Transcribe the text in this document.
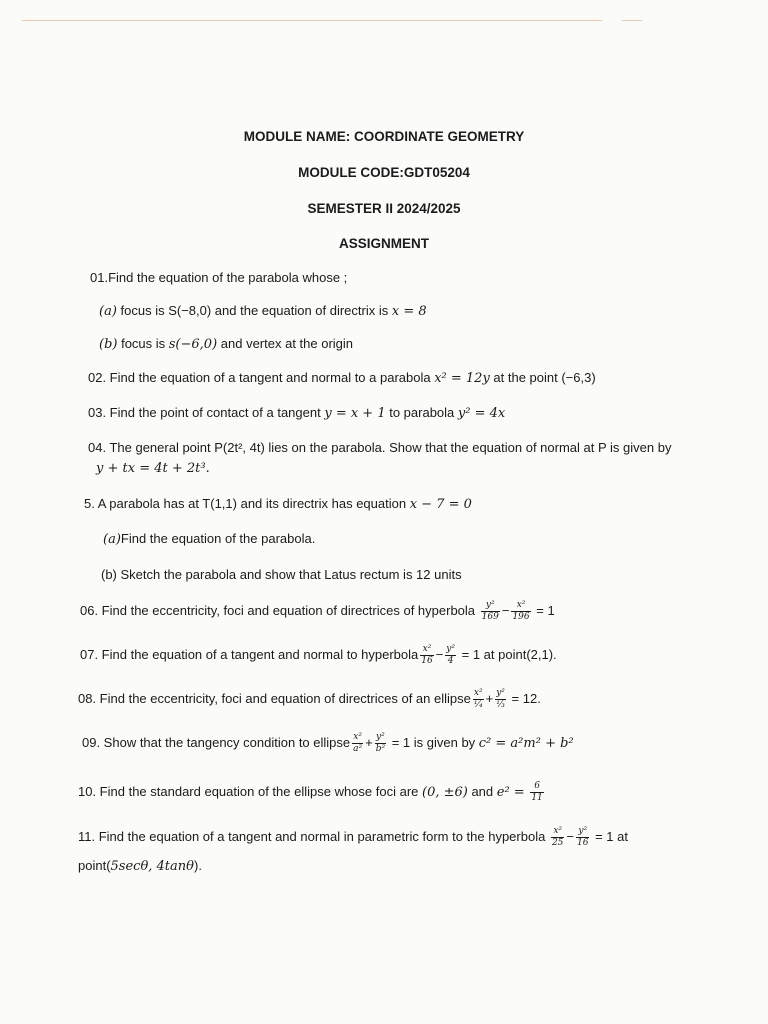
MODULE NAME: COORDINATE GEOMETRY
MODULE CODE:GDT05204
SEMESTER II 2024/2025
ASSIGNMENT
01.Find the equation of the parabola whose ;
(a) focus is S(−8,0) and the equation of directrix is x = 8
(b) focus is s(−6,0) and vertex at the origin
02. Find the equation of a tangent and normal to a parabola x² = 12y at the point (−6,3)
03. Find the point of contact of a tangent y = x + 1 to parabola y² = 4x
04. The general point P(2t², 4t) lies on the parabola. Show that the equation of normal at P is given by
y + tx = 4t + 2t³.
5. A parabola has at T(1,1) and its directrix has equation x − 7 = 0
(a)Find the equation of the parabola.
(b) Sketch the parabola and show that Latus rectum is 12 units
06. Find the eccentricity, foci and equation of directrices of hyperbola $\frac{\text{y²}}{169} - \frac{\text{x²}}{196} = 1$
07. Find the equation of a tangent and normal to hyperbola $\frac{\text{x²}}{16} - \frac{\text{y²}}{4} = 1$ at point(2,1).
08. Find the eccentricity, foci and equation of directrices of an ellipse $\frac{\text{x²}}{\text{¹⁄₄}} + \frac{\text{y²}}{\text{¹⁄₃}} = 12$.
09. Show that the tangency condition to ellipse $\frac{\text{x²}}{\text{a²}} + \frac{\text{y²}}{\text{b²}} = 1$ is given by c² = a²m² + b²
10. Find the standard equation of the ellipse whose foci are (0, ±6) and $e^2 = \frac{6}{11}$
11. Find the equation of a tangent and normal in parametric form to the hyperbola $\frac{\text{x²}}{25} - \frac{\text{y²}}{16} = 1$ at
point(5secθ, 4tanθ).
